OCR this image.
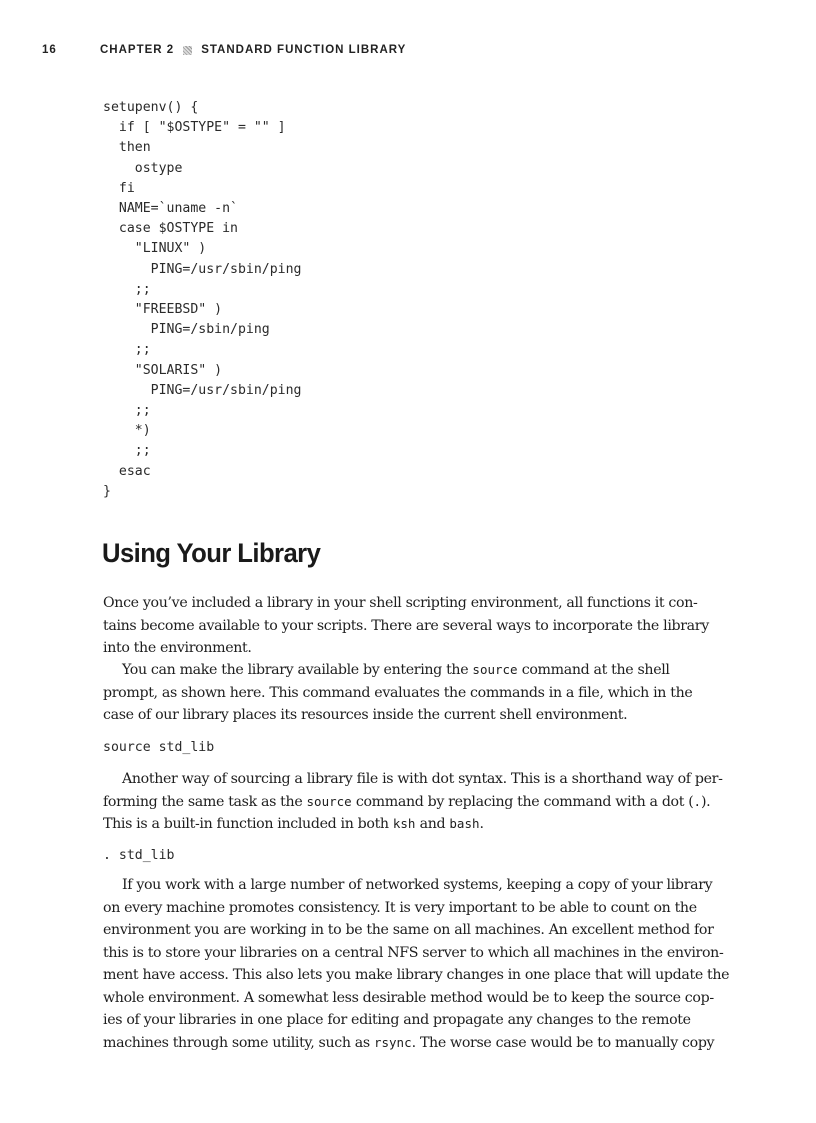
16	CHAPTER 2 STANDARD FUNCTION LIBRARY
setupenv() {
if [ "$OSTYPE" = "" ]
then
ostype
fi
NAME=`uname -n`
case $OSTYPE in
"LINUX" )
PING=/usr/sbin/ping
;;
"FREEBSD" )
PING=/sbin/ping
;;
"SOLARIS" )
PING=/usr/sbin/ping
;;
*)
;;
esac
}
Using Your Library

Once you’ve included a library in your shell scripting environment, all functions it con-
tains become available to your scripts. There are several ways to incorporate the library
into the environment.

You can make the library available by entering the source command at the shell
prompt, as shown here. This command evaluates the commands in a file, which in the
case of our library places its resources inside the current shell environment.

source std_lib

Another way of sourcing a library file is with dot syntax. This is a shorthand way of per-
forming the same task as the source command by replacing the command with a dot (.).
This is a built-in function included in both ksh and bash.

. std_lib

If you work with a large number of networked systems, keeping a copy of your library
on every machine promotes consistency. It is very important to be able to count on the
environment you are working in to be the same on all machines. An excellent method for
this is to store your libraries on a central NFS server to which all machines in the environ-
ment have access. This also lets you make library changes in one place that will update the
whole environment. A somewhat less desirable method would be to keep the source cop-
ies of your libraries in one place for editing and propagate any changes to the remote
machines through some utility, such as rsync. The worse case would be to manually copy
